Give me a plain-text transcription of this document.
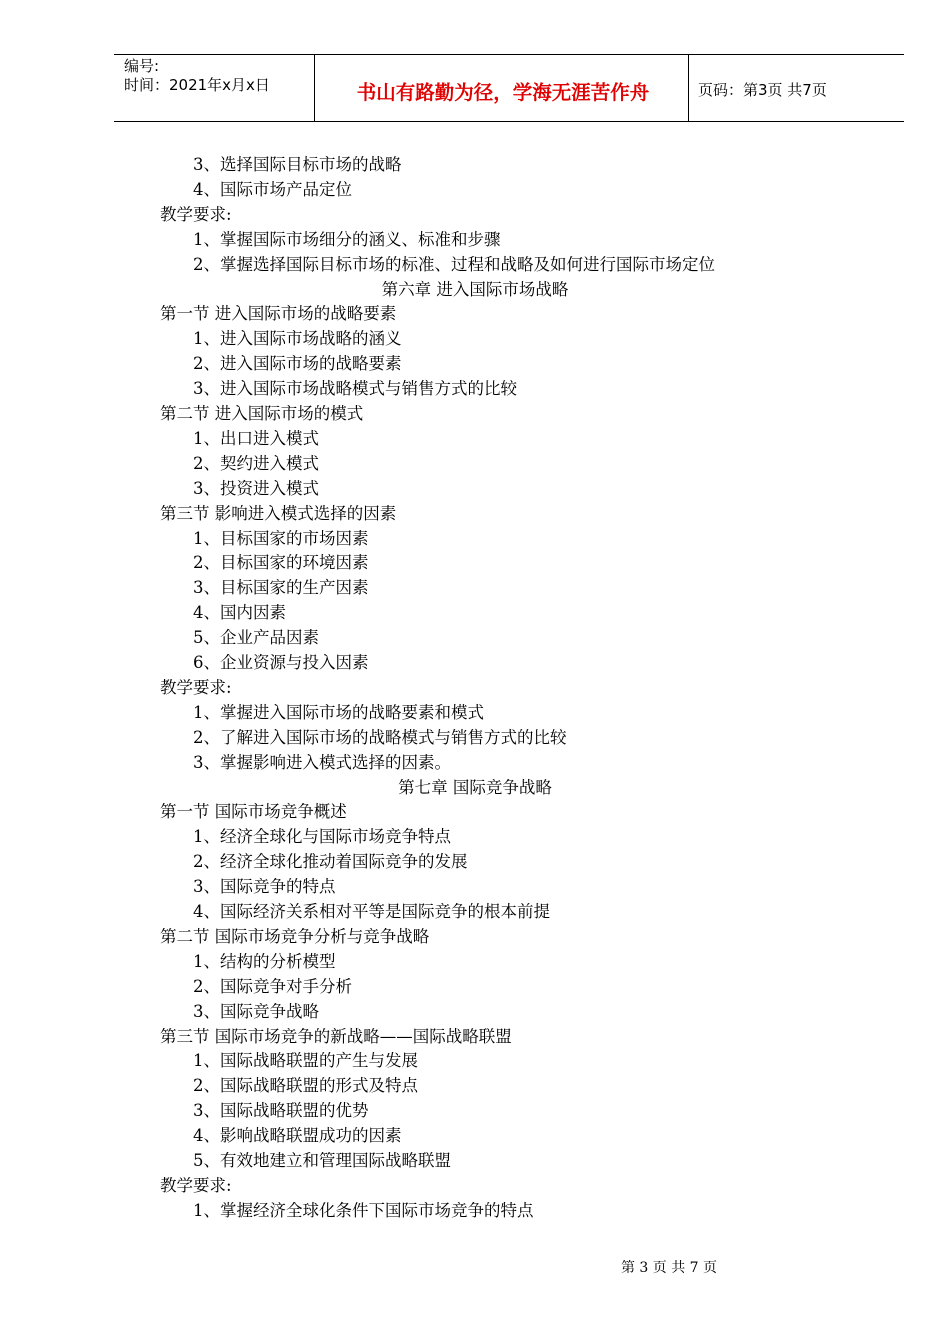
编号:
时间：2021年x月x日	书山有路勤为径，学海无涯苦作舟	页码：第3页 共7页
3、选择国际目标市场的战略
4、国际市场产品定位
教学要求:
1、掌握国际市场细分的涵义、标准和步骤
2、掌握选择国际目标市场的标准、过程和战略及如何进行国际市场定位
第六章 进入国际市场战略
第一节 进入国际市场的战略要素
1、进入国际市场战略的涵义
2、进入国际市场的战略要素
3、进入国际市场战略模式与销售方式的比较
第二节 进入国际市场的模式
1、出口进入模式
2、契约进入模式
3、投资进入模式
第三节 影响进入模式选择的因素
1、目标国家的市场因素
2、目标国家的环境因素
3、目标国家的生产因素
4、国内因素
5、企业产品因素
6、企业资源与投入因素
教学要求:
1、掌握进入国际市场的战略要素和模式
2、了解进入国际市场的战略模式与销售方式的比较
3、掌握影响进入模式选择的因素。
第七章 国际竞争战略
第一节 国际市场竞争概述
1、经济全球化与国际市场竞争特点
2、经济全球化推动着国际竞争的发展
3、国际竞争的特点
4、国际经济关系相对平等是国际竞争的根本前提
第二节 国际市场竞争分析与竞争战略
1、结构的分析模型
2、国际竞争对手分析
3、国际竞争战略
第三节 国际市场竞争的新战略——国际战略联盟
1、国际战略联盟的产生与发展
2、国际战略联盟的形式及特点
3、国际战略联盟的优势
4、影响战略联盟成功的因素
5、有效地建立和管理国际战略联盟
教学要求:
1、掌握经济全球化条件下国际市场竞争的特点
第 3 页 共 7 页
